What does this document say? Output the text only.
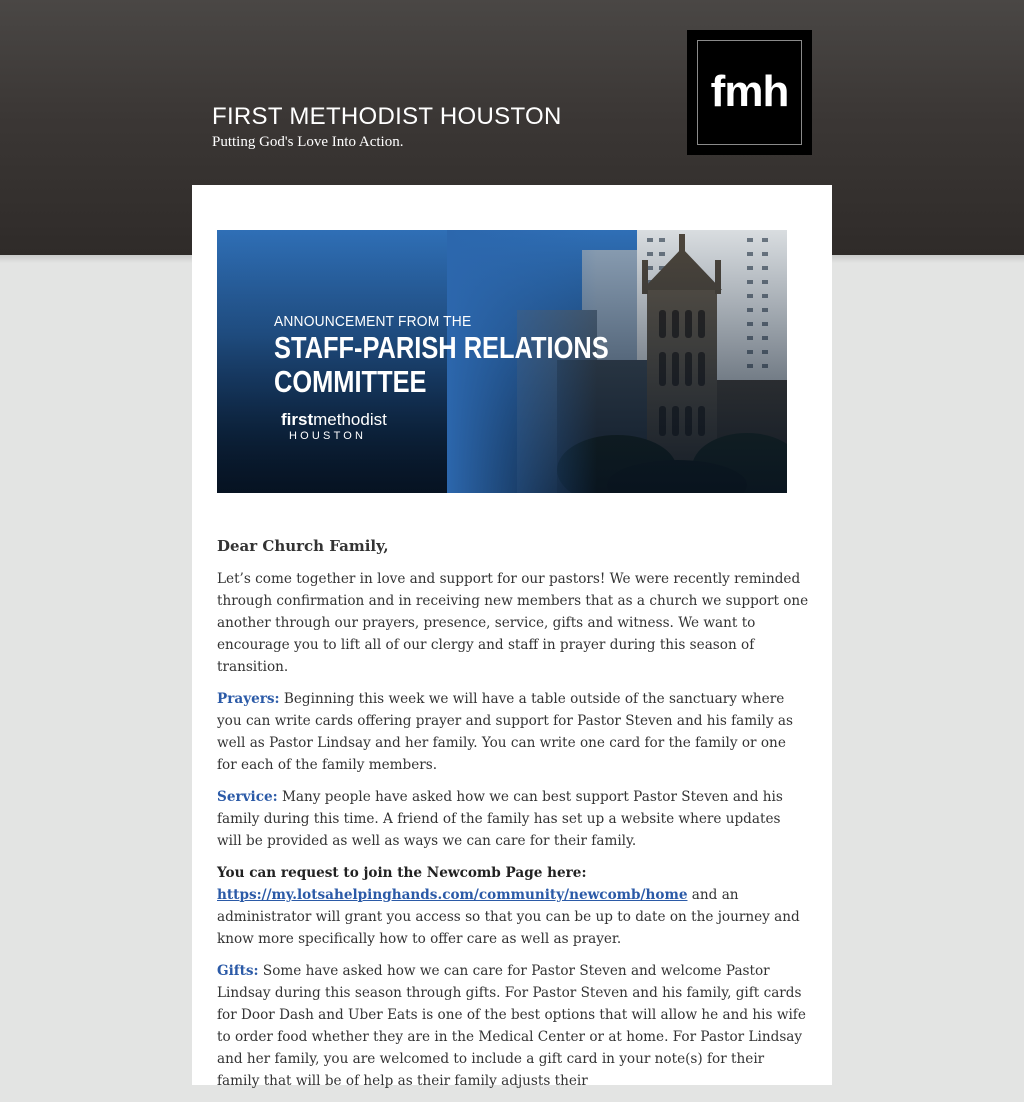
FIRST METHODIST HOUSTON

Putting God's Love Into Action.

fmh
ANNOUNCEMENT FROM THE
STAFF-PARISH RELATIONS
COMMITTEE
firstmethodist
HOUSTON

Dear Church Family,

Let’s come together in love and support for our pastors! We were recently reminded through confirmation and in receiving new members that as a church we support one another through our prayers, presence, service, gifts and witness. We want to encourage you to lift all of our clergy and staff in prayer during this season of transition.

Prayers: Beginning this week we will have a table outside of the sanctuary where you can write cards offering prayer and support for Pastor Steven and his family as well as Pastor Lindsay and her family. You can write one card for the family or one for each of the family members.

Service: Many people have asked how we can best support Pastor Steven and his family during this time. A friend of the family has set up a website where updates will be provided as well as ways we can care for their family.

You can request to join the Newcomb Page here:
https://my.lotsahelpinghands.com/community/newcomb/home and an administrator will grant you access so that you can be up to date on the journey and know more specifically how to offer care as well as prayer.

Gifts: Some have asked how we can care for Pastor Steven and welcome Pastor Lindsay during this season through gifts. For Pastor Steven and his family, gift cards for Door Dash and Uber Eats is one of the best options that will allow he and his wife to order food whether they are in the Medical Center or at home. For Pastor Lindsay and her family, you are welcomed to include a gift card in your note(s) for their family that will be of help as their family adjusts their
